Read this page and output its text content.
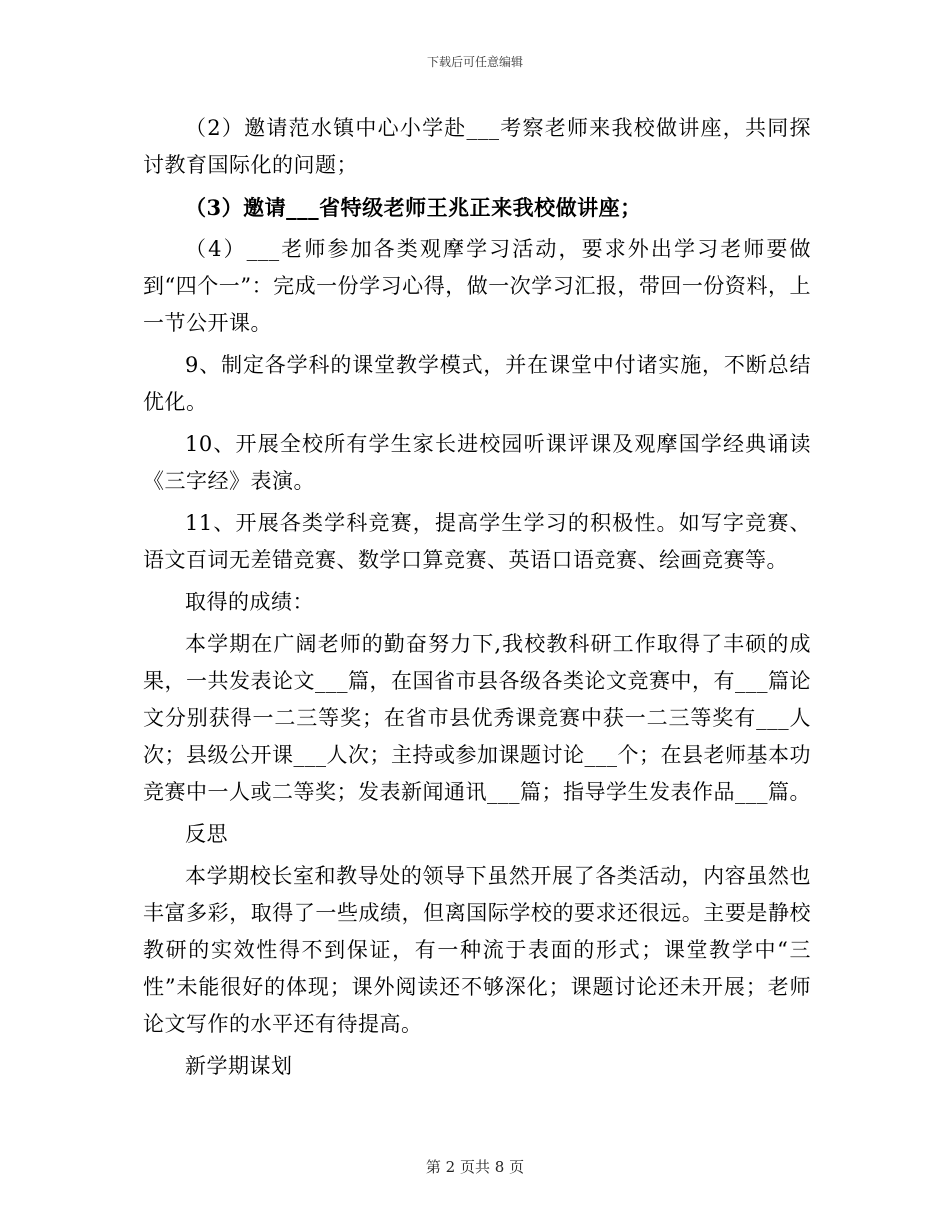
下载后可任意编辑

（2）邀请范水镇中心小学赴___考察老师来我校做讲座，共同探讨教育国际化的问题；

（3）邀请___省特级老师王兆正来我校做讲座；

（4）___老师参加各类观摩学习活动，要求外出学习老师要做到“四个一”：完成一份学习心得，做一次学习汇报，带回一份资料，上一节公开课。

9、制定各学科的课堂教学模式，并在课堂中付诸实施，不断总结优化。

10、开展全校所有学生家长进校园听课评课及观摩国学经典诵读《三字经》表演。

11、开展各类学科竞赛，提高学生学习的积极性。如写字竞赛、语文百词无差错竞赛、数学口算竞赛、英语口语竞赛、绘画竞赛等。

取得的成绩：

本学期在广阔老师的勤奋努力下,我校教科研工作取得了丰硕的成果，一共发表论文___篇，在国省市县各级各类论文竞赛中，有___篇论文分别获得一二三等奖；在省市县优秀课竞赛中获一二三等奖有___人次；县级公开课___人次；主持或参加课题讨论___个；在县老师基本功竞赛中一人或二等奖；发表新闻通讯___篇；指导学生发表作品___篇。

反思

本学期校长室和教导处的领导下虽然开展了各类活动，内容虽然也丰富多彩，取得了一些成绩，但离国际学校的要求还很远。主要是静校教研的实效性得不到保证，有一种流于表面的形式；课堂教学中“三性”未能很好的体现；课外阅读还不够深化；课题讨论还未开展；老师论文写作的水平还有待提高。

新学期谋划

第 2 页共 8 页
